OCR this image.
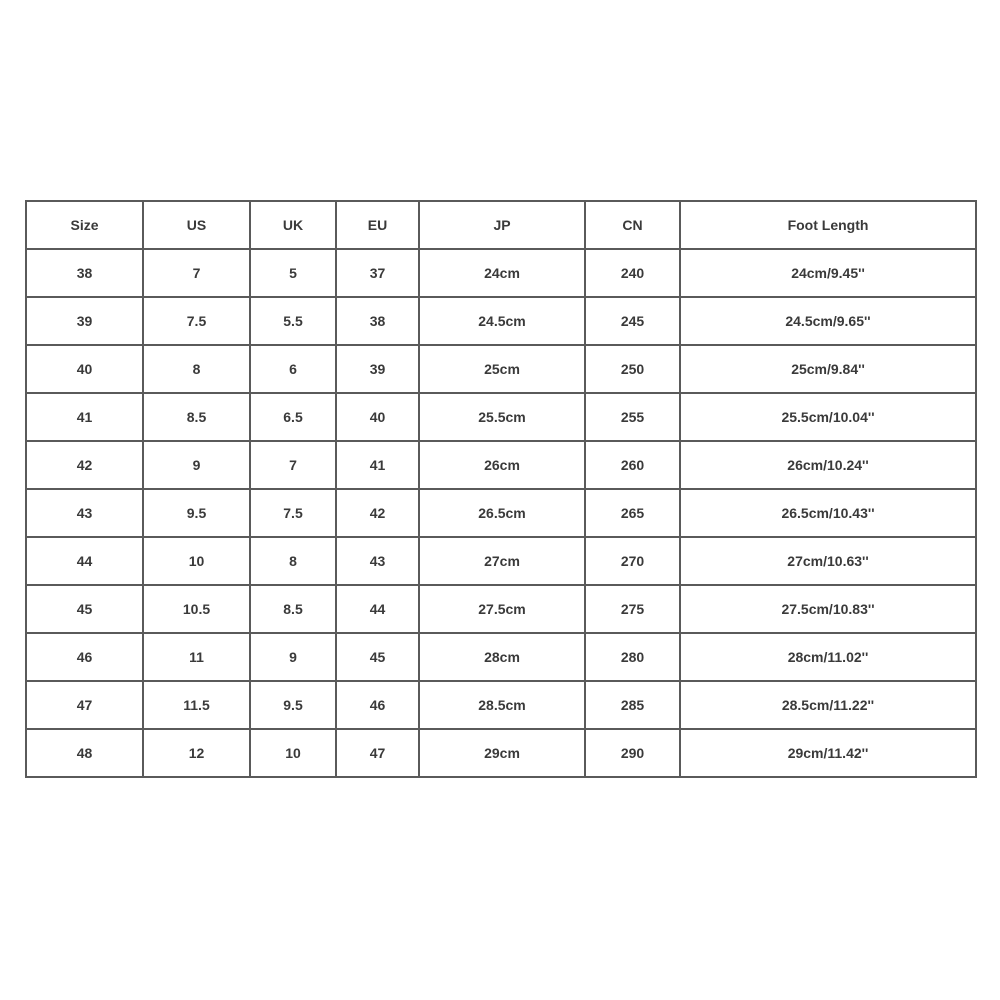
Size	US	UK	EU	JP	CN	Foot Length
38	7	5	37	24cm	240	24cm/9.45''
39	7.5	5.5	38	24.5cm	245	24.5cm/9.65''
40	8	6	39	25cm	250	25cm/9.84''
41	8.5	6.5	40	25.5cm	255	25.5cm/10.04''
42	9	7	41	26cm	260	26cm/10.24''
43	9.5	7.5	42	26.5cm	265	26.5cm/10.43''
44	10	8	43	27cm	270	27cm/10.63''
45	10.5	8.5	44	27.5cm	275	27.5cm/10.83''
46	11	9	45	28cm	280	28cm/11.02''
47	11.5	9.5	46	28.5cm	285	28.5cm/11.22''
48	12	10	47	29cm	290	29cm/11.42''
